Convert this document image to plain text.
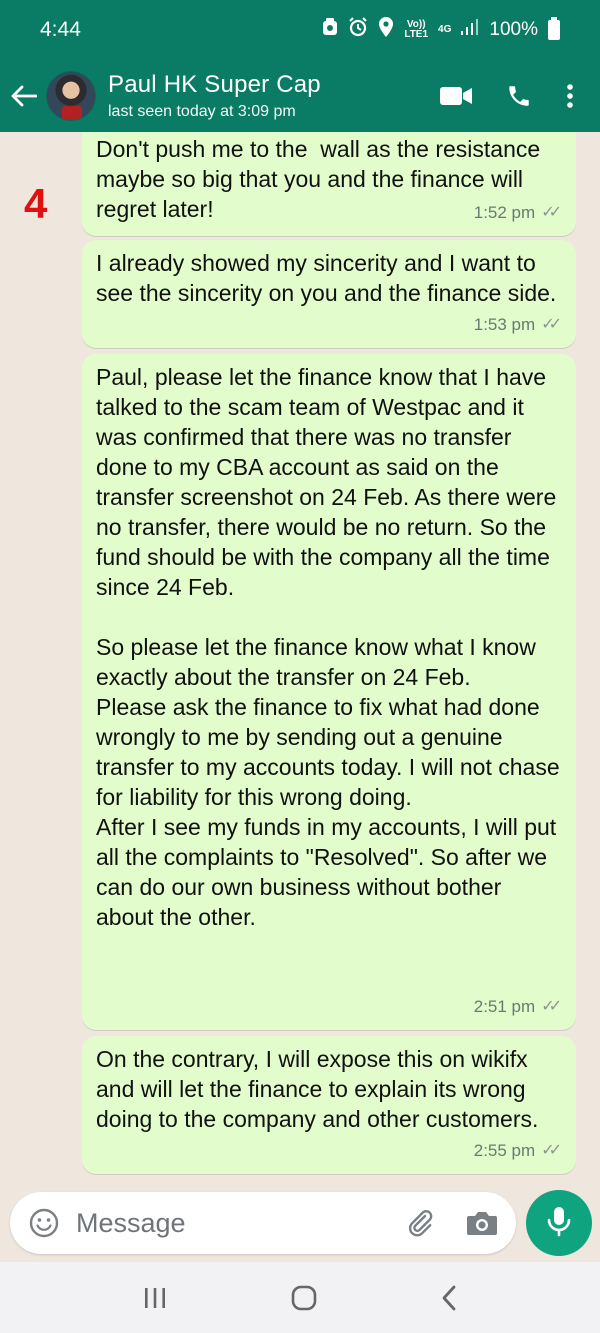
4:44	Vo))
LTE1 4G 100%
Paul HK Super Cap
last seen today at 3:09 pm
4
Don't push me to the  wall as the resistance maybe so big that you and the finance will regret later!	1:52 pm ✓✓
I already showed my sincerity and I want to see the sincerity on you and the finance side.
1:53 pm ✓✓
Paul, please let the finance know that I have talked to the scam team of Westpac and it was confirmed that there was no transfer done to my CBA account as said on the transfer screenshot on 24 Feb. As there were no transfer, there would be no return. So the fund should be with the company all the time since 24 Feb.

So please let the finance know what I know exactly about the transfer on 24 Feb.
Please ask the finance to fix what had done wrongly to me by sending out a genuine transfer to my accounts today. I will not chase for liability for this wrong doing.
After I see my funds in my accounts, I will put all the complaints to "Resolved". So after we can do our own business without bother about the other.
2:51 pm ✓✓
On the contrary, I will expose this on wikifx and will let the finance to explain its wrong doing to the company and other customers.
2:55 pm ✓✓
Message
